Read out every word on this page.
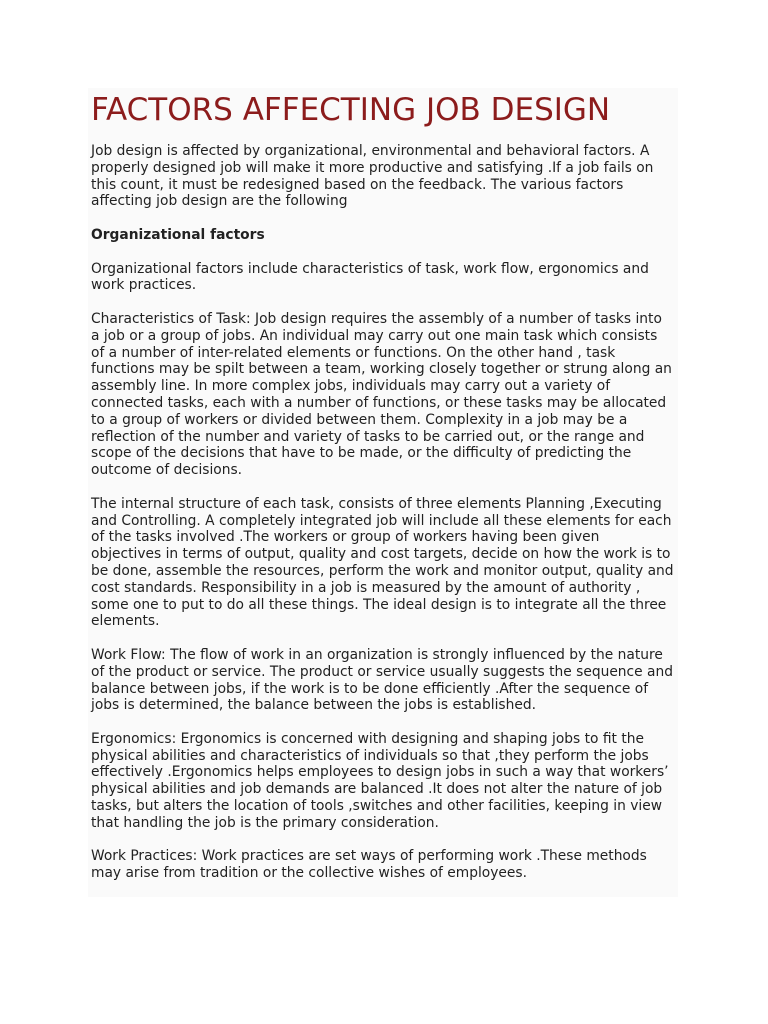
FACTORS AFFECTING JOB DESIGN

Job design is affected by organizational, environmental and behavioral factors. A
properly designed job will make it more productive and satisfying .If a job fails on
this count, it must be redesigned based on the feedback. The various factors
affecting job design are the following

Organizational factors

Organizational factors include characteristics of task, work flow, ergonomics and
work practices.

Characteristics of Task: Job design requires the assembly of a number of tasks into
a job or a group of jobs. An individual may carry out one main task which consists
of a number of inter-related elements or functions. On the other hand , task
functions may be spilt between a team, working closely together or strung along an
assembly line. In more complex jobs, individuals may carry out a variety of
connected tasks, each with a number of functions, or these tasks may be allocated
to a group of workers or divided between them. Complexity in a job may be a
reflection of the number and variety of tasks to be carried out, or the range and
scope of the decisions that have to be made, or the difficulty of predicting the
outcome of decisions.

The internal structure of each task, consists of three elements Planning ,Executing
and Controlling. A completely integrated job will include all these elements for each
of the tasks involved .The workers or group of workers having been given
objectives in terms of output, quality and cost targets, decide on how the work is to
be done, assemble the resources, perform the work and monitor output, quality and
cost standards. Responsibility in a job is measured by the amount of authority ,
some one to put to do all these things. The ideal design is to integrate all the three
elements.

Work Flow: The flow of work in an organization is strongly influenced by the nature
of the product or service. The product or service usually suggests the sequence and
balance between jobs, if the work is to be done efficiently .After the sequence of
jobs is determined, the balance between the jobs is established.

Ergonomics: Ergonomics is concerned with designing and shaping jobs to fit the
physical abilities and characteristics of individuals so that ,they perform the jobs
effectively .Ergonomics helps employees to design jobs in such a way that workers’
physical abilities and job demands are balanced .It does not alter the nature of job
tasks, but alters the location of tools ,switches and other facilities, keeping in view
that handling the job is the primary consideration.

Work Practices: Work practices are set ways of performing work .These methods
may arise from tradition or the collective wishes of employees.
